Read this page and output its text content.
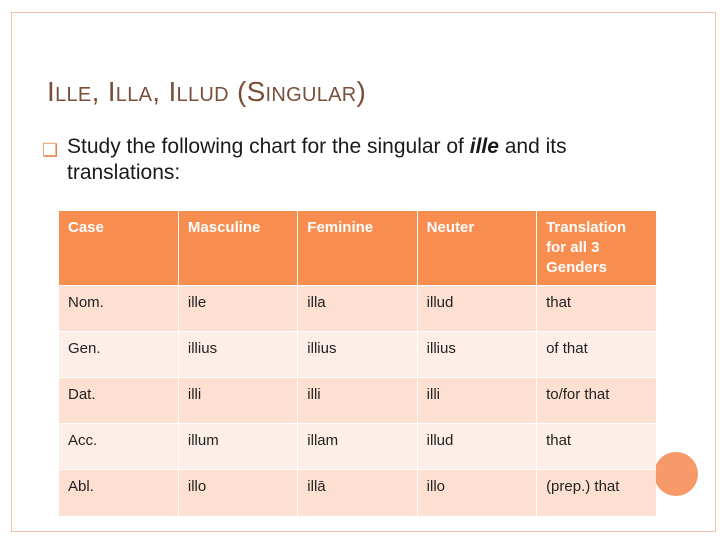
Ille, Illa, Illud (Singular)
❑ Study the following chart for the singular of ille and its translations:
Case	Masculine	Feminine	Neuter	Translation for all 3 Genders
Nom.	ille	illa	illud	that
Gen.	illius	illius	illius	of that
Dat.	illi	illi	illi	to/for that
Acc.	illum	illam	illud	that
Abl.	illo	illā	illo	(prep.) that
